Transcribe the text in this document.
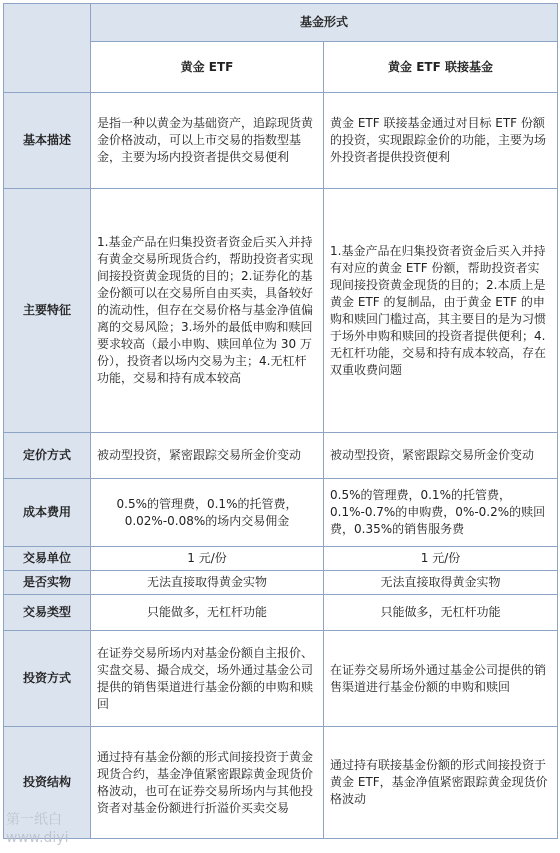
	基金形式	
	黄金 ETF	黄金 ETF 联接基金
基本描述	是指一种以黄金为基础资产，追踪现货黄金价格波动，可以上市交易的指数型基金，主要为场内投资者提供交易便利	黄金 ETF 联接基金通过对目标 ETF 份额的投资，实现跟踪金价的功能，主要为场外投资者提供投资便利
主要特征	1.基金产品在归集投资者资金后买入并持有黄金交易所现货合约，帮助投资者实现间接投资黄金现货的目的；2.证券化的基金份额可以在交易所自由买卖，具备较好的流动性，但存在交易价格与基金净值偏离的交易风险；3.场外的最低申购和赎回要求较高（最小申购、赎回单位为 30 万份），投资者以场内交易为主；4.无杠杆功能，交易和持有成本较高	1.基金产品在归集投资者资金后买入并持有对应的黄金 ETF 份额，帮助投资者实现间接投资黄金现货的目的；2.本质上是黄金 ETF 的复制品，由于黄金 ETF 的申购和赎回门槛过高，其主要目的是为习惯于场外申购和赎回的投资者提供便利；4.无杠杆功能，交易和持有成本较高，存在双重收费问题
定价方式	被动型投资，紧密跟踪交易所金价变动	被动型投资，紧密跟踪交易所金价变动
成本费用	0.5%的管理费，0.1%的托管费，0.02%-0.08%的场内交易佣金	0.5%的管理费，0.1%的托管费，0.1%-0.7%的申购费，0%-0.2%的赎回费，0.35%的销售服务费
交易单位	1 元/份	1 元/份
是否实物	无法直接取得黄金实物	无法直接取得黄金实物
交易类型	只能做多，无杠杆功能	只能做多，无杠杆功能
投资方式	在证券交易所场内对基金份额自主报价、实盘交易、撮合成交，场外通过基金公司提供的销售渠道进行基金份额的申购和赎回	在证券交易所场外通过基金公司提供的销售渠道进行基金份额的申购和赎回
投资结构	通过持有基金份额的形式间接投资于黄金现货合约，基金净值紧密跟踪黄金现货价格波动，也可在证券交易所场内与其他投资者对基金份额进行折溢价买卖交易	通过持有联接基金份额的形式间接投资于黄金 ETF，基金净值紧密跟踪黄金现货价格波动
第一纸白
www.diyi
